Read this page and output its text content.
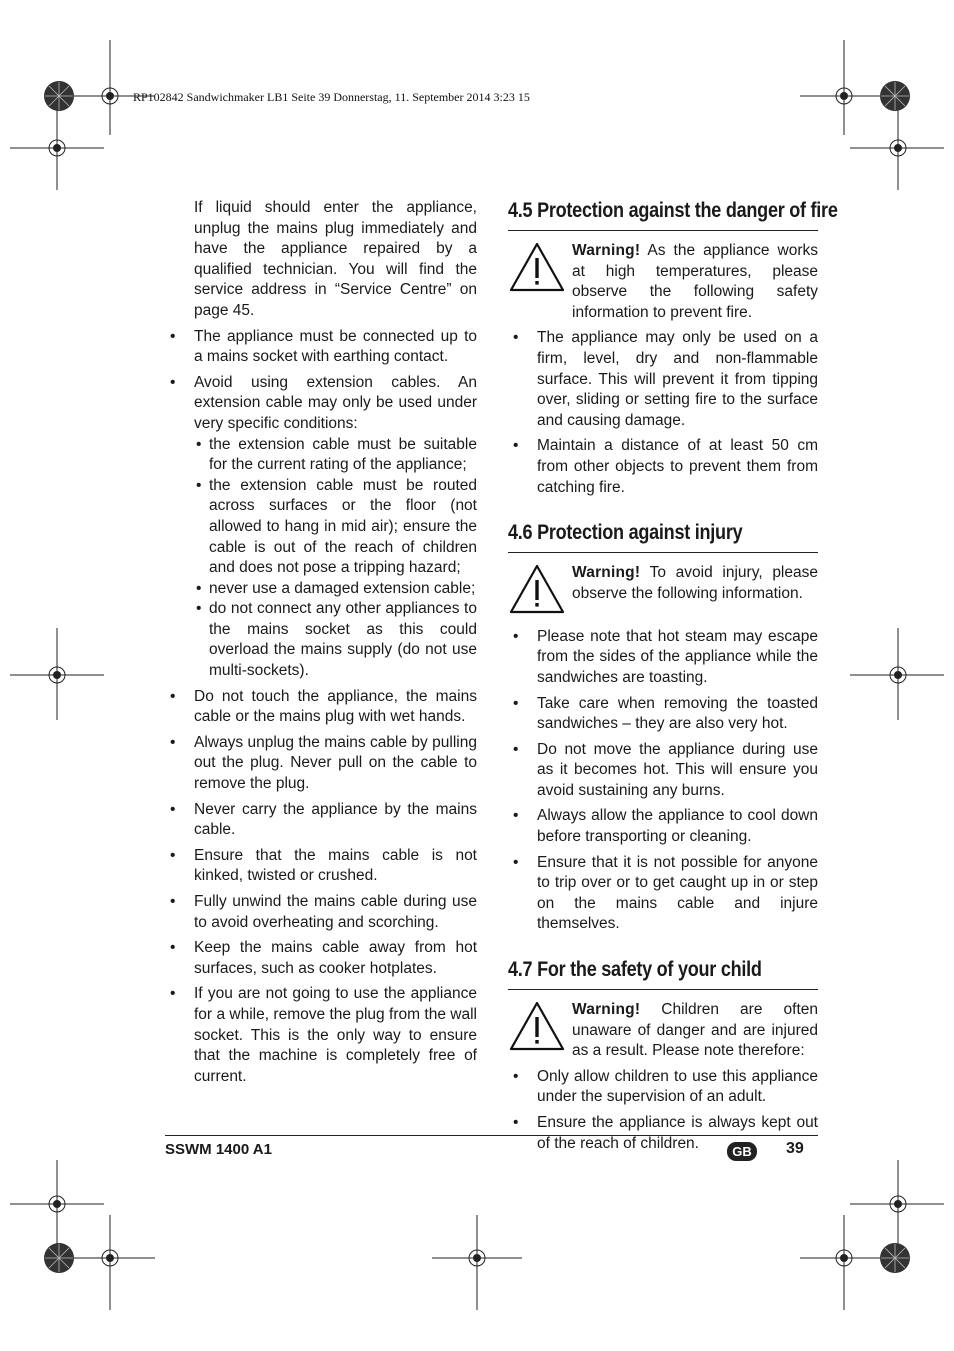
RP102842 Sandwichmaker LB1 Seite 39 Donnerstag, 11. September 2014 3:23 15

If liquid should enter the appliance, unplug the mains plug immediately and have the appliance repaired by a qualified technician. You will find the service address in “Service Centre” on page 45.

• The appliance must be connected up to a mains socket with earthing contact.
• Avoid using extension cables. An extension cable may only be used under very specific conditions:
• the extension cable must be suitable for the current rating of the appliance;
• the extension cable must be routed across surfaces or the floor (not allowed to hang in mid air); ensure the cable is out of the reach of children and does not pose a tripping hazard;
• never use a damaged extension cable;
• do not connect any other appliances to the mains socket as this could overload the mains supply (do not use multi-sockets).
• Do not touch the appliance, the mains cable or the mains plug with wet hands.
• Always unplug the mains cable by pulling out the plug. Never pull on the cable to remove the plug.
• Never carry the appliance by the mains cable.
• Ensure that the mains cable is not kinked, twisted or crushed.
• Fully unwind the mains cable during use to avoid overheating and scorching.
• Keep the mains cable away from hot surfaces, such as cooker hotplates.
• If you are not going to use the appliance for a while, remove the plug from the wall socket. This is the only way to ensure that the machine is completely free of current.
4.5 Protection against the danger of fire
Warning! As the appliance works at high temperatures, please observe the following safety information to prevent fire.
• The appliance may only be used on a firm, level, dry and non-flammable surface. This will prevent it from tipping over, sliding or setting fire to the surface and causing damage.
• Maintain a distance of at least 50 cm from other objects to prevent them from catching fire.
4.6 Protection against injury
Warning! To avoid injury, please observe the following information.
• Please note that hot steam may escape from the sides of the appliance while the sandwiches are toasting.
• Take care when removing the toasted sandwiches – they are also very hot.
• Do not move the appliance during use as it becomes hot. This will ensure you avoid sustaining any burns.
• Always allow the appliance to cool down before transporting or cleaning.
• Ensure that it is not possible for anyone to trip over or to get caught up in or step on the mains cable and injure themselves.
4.7 For the safety of your child
Warning! Children are often unaware of danger and are injured as a result. Please note therefore:
• Only allow children to use this appliance under the supervision of an adult.
• Ensure the appliance is always kept out of the reach of children.
SSWM 1400 A1	GB	39
